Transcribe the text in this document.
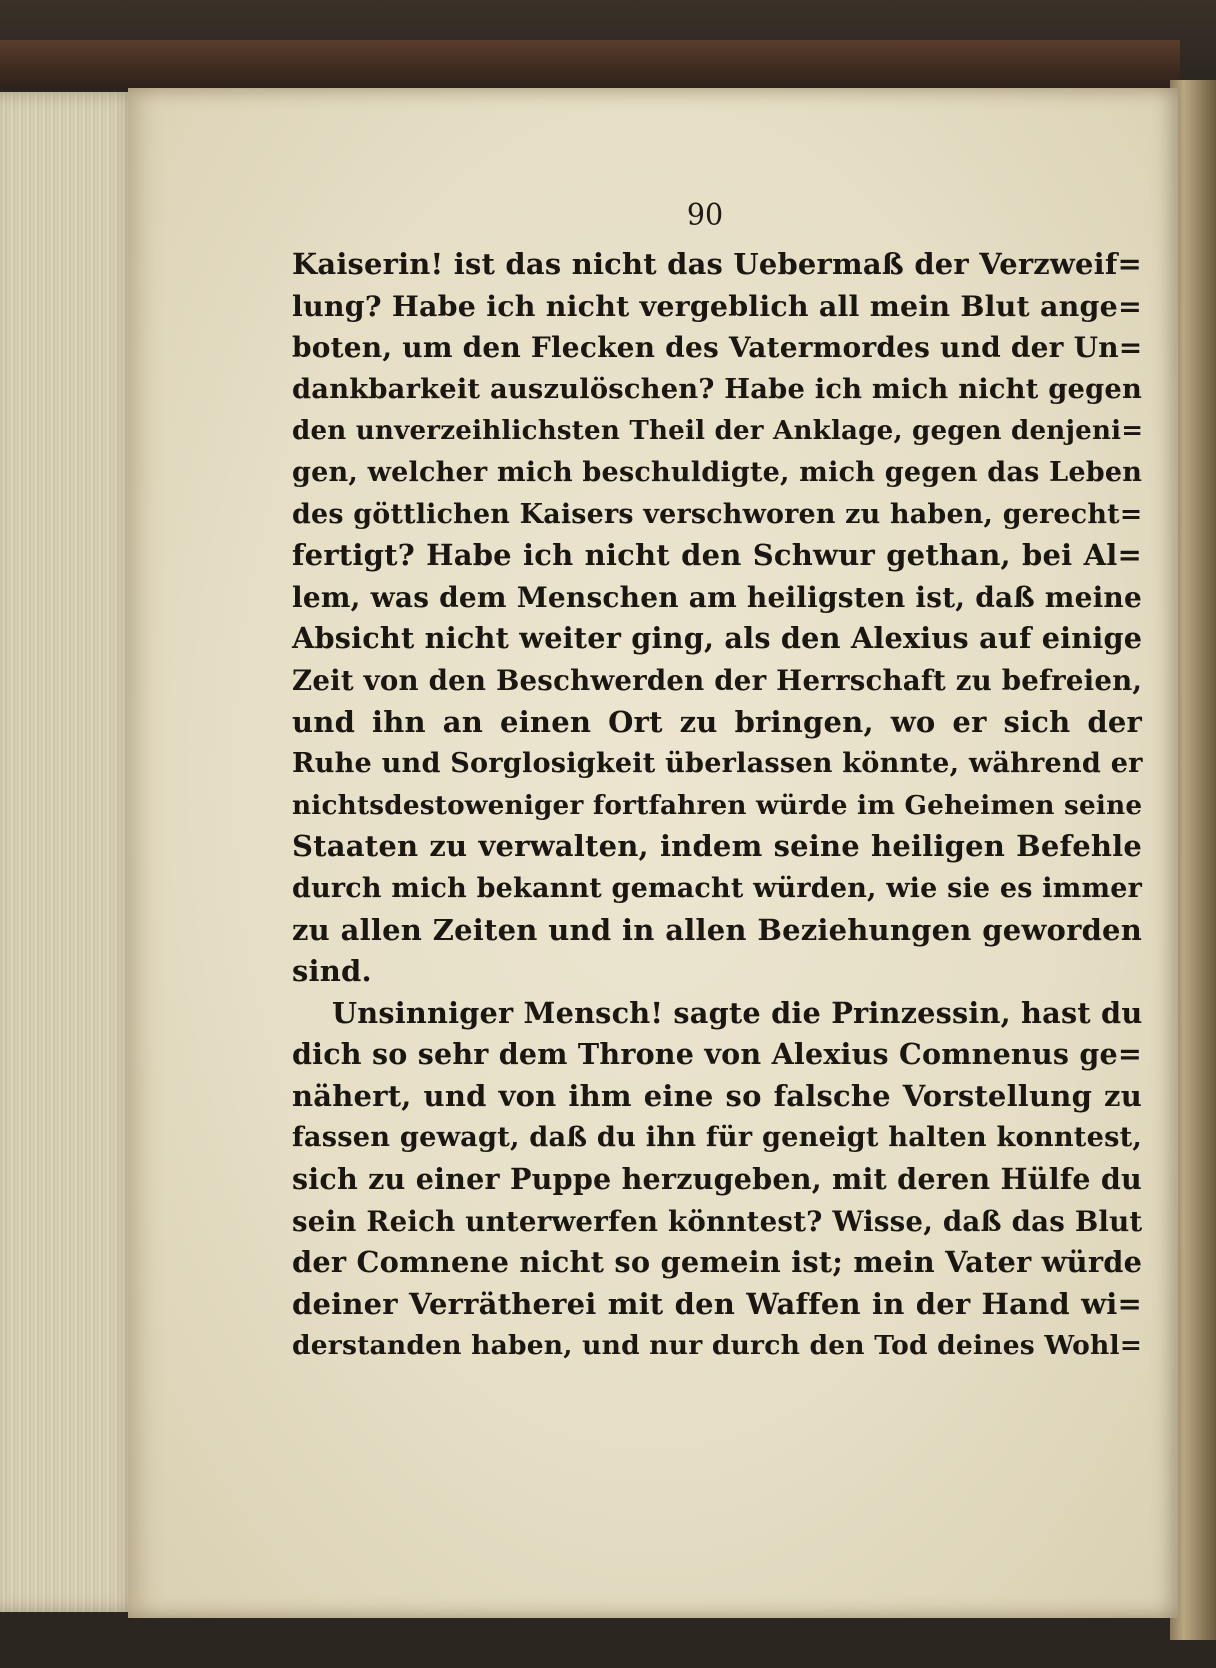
90
Kaiserin! ist das nicht das Uebermaß der Verzweif=
lung? Habe ich nicht vergeblich all mein Blut ange=
boten, um den Flecken des Vatermordes und der Un=
dankbarkeit auszulöschen? Habe ich mich nicht gegen
den unverzeihlichsten Theil der Anklage, gegen denjeni=
gen, welcher mich beschuldigte, mich gegen das Leben
des göttlichen Kaisers verschworen zu haben, gerecht=
fertigt? Habe ich nicht den Schwur gethan, bei Al=
lem, was dem Menschen am heiligsten ist, daß meine
Absicht nicht weiter ging, als den Alexius auf einige
Zeit von den Beschwerden der Herrschaft zu befreien,
und ihn an einen Ort zu bringen, wo er sich der
Ruhe und Sorglosigkeit überlassen könnte, während er
nichtsdestoweniger fortfahren würde im Geheimen seine
Staaten zu verwalten, indem seine heiligen Befehle
durch mich bekannt gemacht würden, wie sie es immer
zu allen Zeiten und in allen Beziehungen geworden
sind.
Unsinniger Mensch! sagte die Prinzessin, hast du
dich so sehr dem Throne von Alexius Comnenus ge=
nähert, und von ihm eine so falsche Vorstellung zu
fassen gewagt, daß du ihn für geneigt halten konntest,
sich zu einer Puppe herzugeben, mit deren Hülfe du
sein Reich unterwerfen könntest? Wisse, daß das Blut
der Comnene nicht so gemein ist; mein Vater würde
deiner Verrätherei mit den Waffen in der Hand wi=
derstanden haben, und nur durch den Tod deines Wohl=
